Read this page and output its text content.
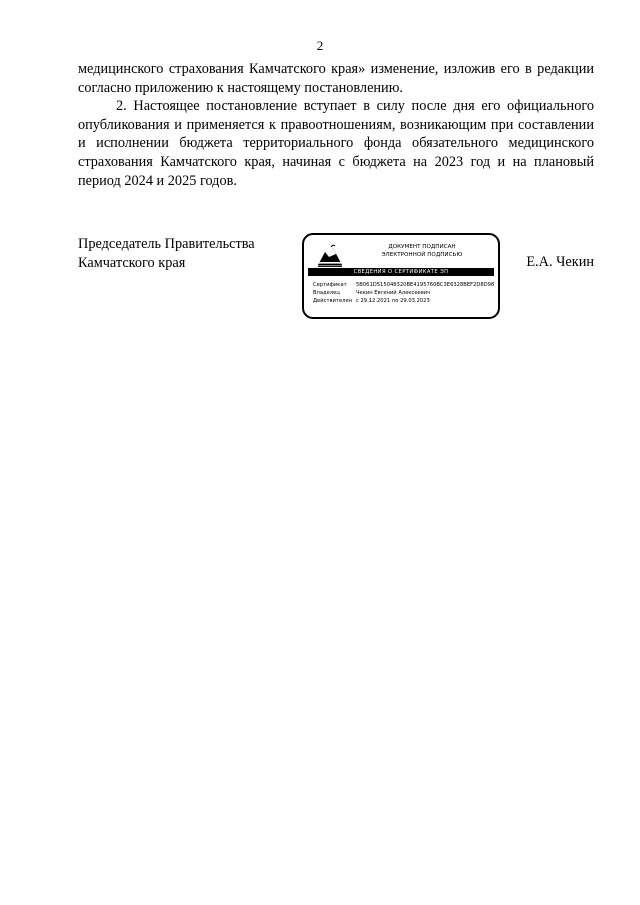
2

медицинского страхования Камчатского края» изменение, изложив его в редакции согласно приложению к настоящему постановлению.

2. Настоящее постановление вступает в силу после дня его официального опубликования и применяется к правоотношениям, возникающим при составлении и исполнении бюджета территориального фонда обязательного медицинского страхования Камчатского края, начиная с бюджета на 2023 год и на плановый период 2024 и 2025 годов.

Председатель Правительства
Камчатского края
ДОКУМЕНТ ПОДПИСАН
ЭЛЕКТРОННОЙ ПОДПИСЬЮ
СВЕДЕНИЯ О СЕРТИФИКАТЕ ЭП
Сертификат	5B061D515048320BE4195760BC3E6328BEF2D8D98
Владелец	Чекин Евгений Алексеевич
Действителен с 29.12.2021 по 29.03.2023
Е.А. Чекин
